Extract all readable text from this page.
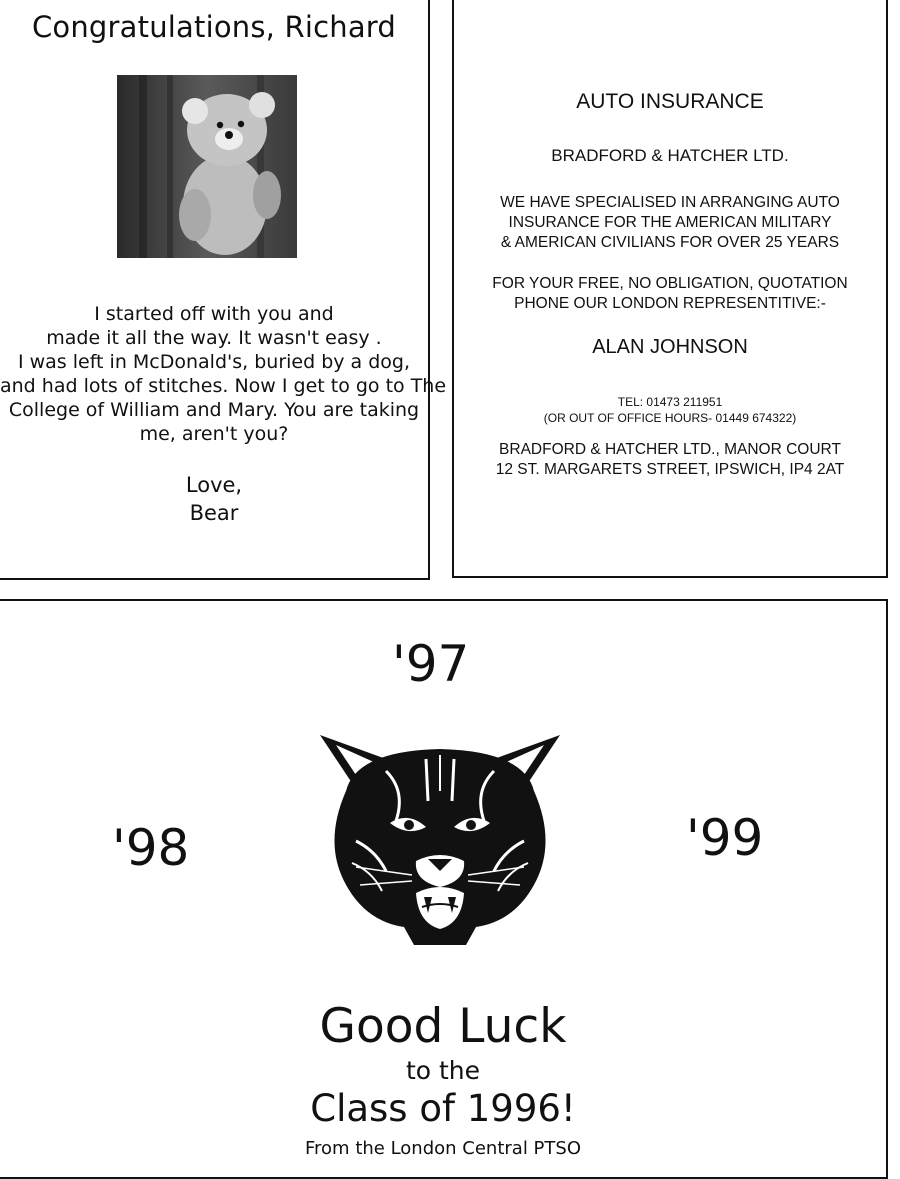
Congratulations, Richard
I started off with you and
made it all the way. It wasn't easy .
I was left in McDonald's, buried by a dog,
and had lots of stitches. Now I get to go to The
College of William and Mary. You are taking
me, aren't you?
Love,
Bear
AUTO INSURANCE
BRADFORD & HATCHER LTD.
WE HAVE SPECIALISED IN ARRANGING AUTO
INSURANCE FOR THE AMERICAN MILITARY
& AMERICAN CIVILIANS FOR OVER 25 YEARS
FOR YOUR FREE, NO OBLIGATION, QUOTATION
PHONE OUR LONDON REPRESENTITIVE:-
ALAN JOHNSON
TEL: 01473 211951
(OR OUT OF OFFICE HOURS- 01449 674322)
BRADFORD & HATCHER LTD., MANOR COURT
12 ST. MARGARETS STREET, IPSWICH, IP4 2AT
'97
'98	'99
Good Luck
to the
Class of 1996!
From the London Central PTSO
